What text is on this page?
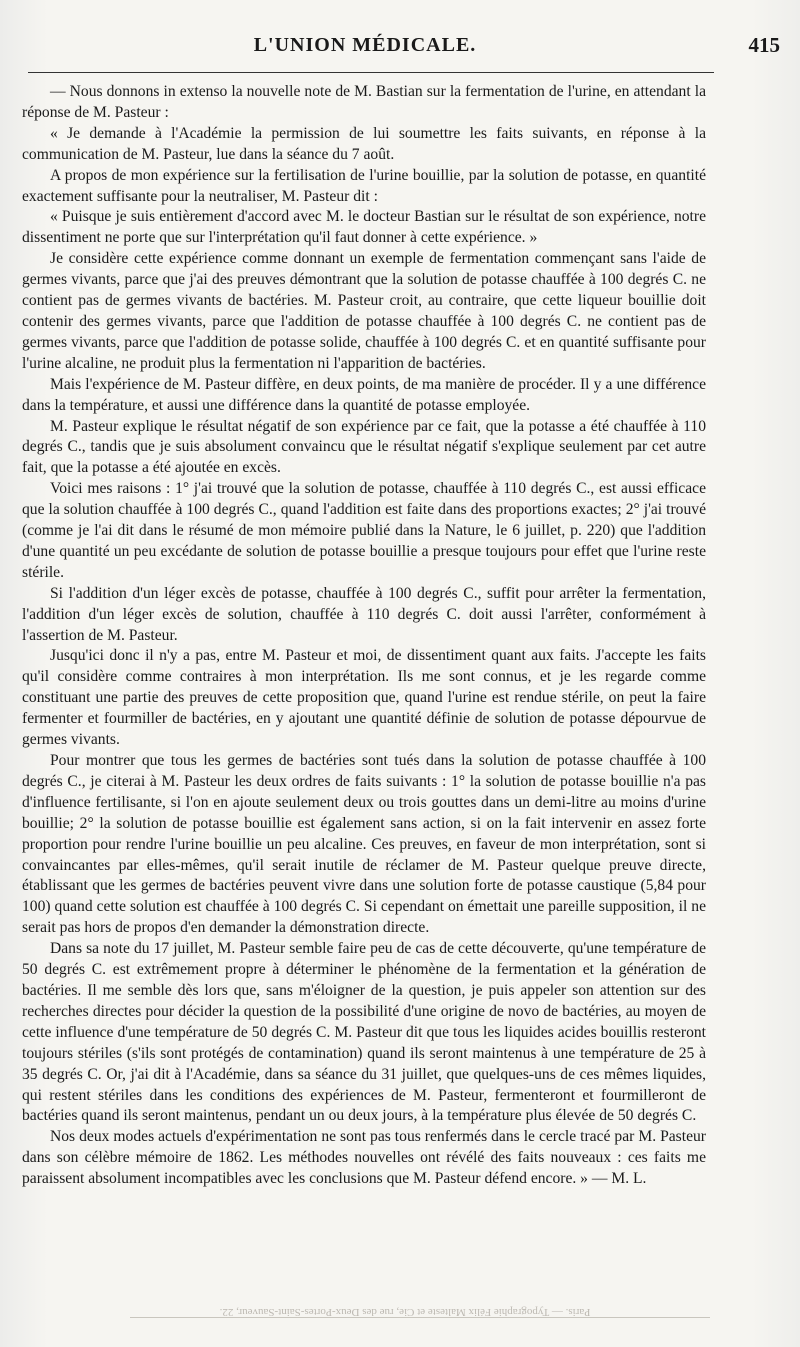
L'UNION MÉDICALE.	415

— Nous donnons in extenso la nouvelle note de M. Bastian sur la fermentation de l'urine, en attendant la réponse de M. Pasteur :

« Je demande à l'Académie la permission de lui soumettre les faits suivants, en réponse à la communication de M. Pasteur, lue dans la séance du 7 août.

A propos de mon expérience sur la fertilisation de l'urine bouillie, par la solution de potasse, en quantité exactement suffisante pour la neutraliser, M. Pasteur dit :

« Puisque je suis entièrement d'accord avec M. le docteur Bastian sur le résultat de son expérience, notre dissentiment ne porte que sur l'interprétation qu'il faut donner à cette expérience. »

Je considère cette expérience comme donnant un exemple de fermentation commençant sans l'aide de germes vivants, parce que j'ai des preuves démontrant que la solution de potasse chauffée à 100 degrés C. ne contient pas de germes vivants de bactéries. M. Pasteur croit, au contraire, que cette liqueur bouillie doit contenir des germes vivants, parce que l'addition de potasse chauffée à 100 degrés C. ne contient pas de germes vivants, parce que l'addition de potasse solide, chauffée à 100 degrés C. et en quantité suffisante pour l'urine alcaline, ne produit plus la fermentation ni l'apparition de bactéries.

Mais l'expérience de M. Pasteur diffère, en deux points, de ma manière de procéder. Il y a une différence dans la température, et aussi une différence dans la quantité de potasse employée.

M. Pasteur explique le résultat négatif de son expérience par ce fait, que la potasse a été chauffée à 110 degrés C., tandis que je suis absolument convaincu que le résultat négatif s'explique seulement par cet autre fait, que la potasse a été ajoutée en excès.

Voici mes raisons : 1° j'ai trouvé que la solution de potasse, chauffée à 110 degrés C., est aussi efficace que la solution chauffée à 100 degrés C., quand l'addition est faite dans des proportions exactes; 2° j'ai trouvé (comme je l'ai dit dans le résumé de mon mémoire publié dans la Nature, le 6 juillet, p. 220) que l'addition d'une quantité un peu excédante de solution de potasse bouillie a presque toujours pour effet que l'urine reste stérile.

Si l'addition d'un léger excès de potasse, chauffée à 100 degrés C., suffit pour arrêter la fermentation, l'addition d'un léger excès de solution, chauffée à 110 degrés C. doit aussi l'arrêter, conformément à l'assertion de M. Pasteur.

Jusqu'ici donc il n'y a pas, entre M. Pasteur et moi, de dissentiment quant aux faits. J'accepte les faits qu'il considère comme contraires à mon interprétation. Ils me sont connus, et je les regarde comme constituant une partie des preuves de cette proposition que, quand l'urine est rendue stérile, on peut la faire fermenter et fourmiller de bactéries, en y ajoutant une quantité définie de solution de potasse dépourvue de germes vivants.

Pour montrer que tous les germes de bactéries sont tués dans la solution de potasse chauffée à 100 degrés C., je citerai à M. Pasteur les deux ordres de faits suivants : 1° la solution de potasse bouillie n'a pas d'influence fertilisante, si l'on en ajoute seulement deux ou trois gouttes dans un demi-litre au moins d'urine bouillie; 2° la solution de potasse bouillie est également sans action, si on la fait intervenir en assez forte proportion pour rendre l'urine bouillie un peu alcaline. Ces preuves, en faveur de mon interprétation, sont si convaincantes par elles-mêmes, qu'il serait inutile de réclamer de M. Pasteur quelque preuve directe, établissant que les germes de bactéries peuvent vivre dans une solution forte de potasse caustique (5,84 pour 100) quand cette solution est chauffée à 100 degrés C. Si cependant on émettait une pareille supposition, il ne serait pas hors de propos d'en demander la démonstration directe.

Dans sa note du 17 juillet, M. Pasteur semble faire peu de cas de cette découverte, qu'une température de 50 degrés C. est extrêmement propre à déterminer le phénomène de la fermentation et la génération de bactéries. Il me semble dès lors que, sans m'éloigner de la question, je puis appeler son attention sur des recherches directes pour décider la question de la possibilité d'une origine de novo de bactéries, au moyen de cette influence d'une température de 50 degrés C. M. Pasteur dit que tous les liquides acides bouillis resteront toujours stériles (s'ils sont protégés de contamination) quand ils seront maintenus à une température de 25 à 35 degrés C. Or, j'ai dit à l'Académie, dans sa séance du 31 juillet, que quelques-uns de ces mêmes liquides, qui restent stériles dans les conditions des expériences de M. Pasteur, fermenteront et fourmilleront de bactéries quand ils seront maintenus, pendant un ou deux jours, à la température plus élevée de 50 degrés C.

Nos deux modes actuels d'expérimentation ne sont pas tous renfermés dans le cercle tracé par M. Pasteur dans son célèbre mémoire de 1862. Les méthodes nouvelles ont révélé des faits nouveaux : ces faits me paraissent absolument incompatibles avec les conclusions que M. Pasteur défend encore. » — M. L.

Paris. — Typographie Félix Malteste et Cie, rue des Deux-Portes-Saint-Sauveur, 22.
